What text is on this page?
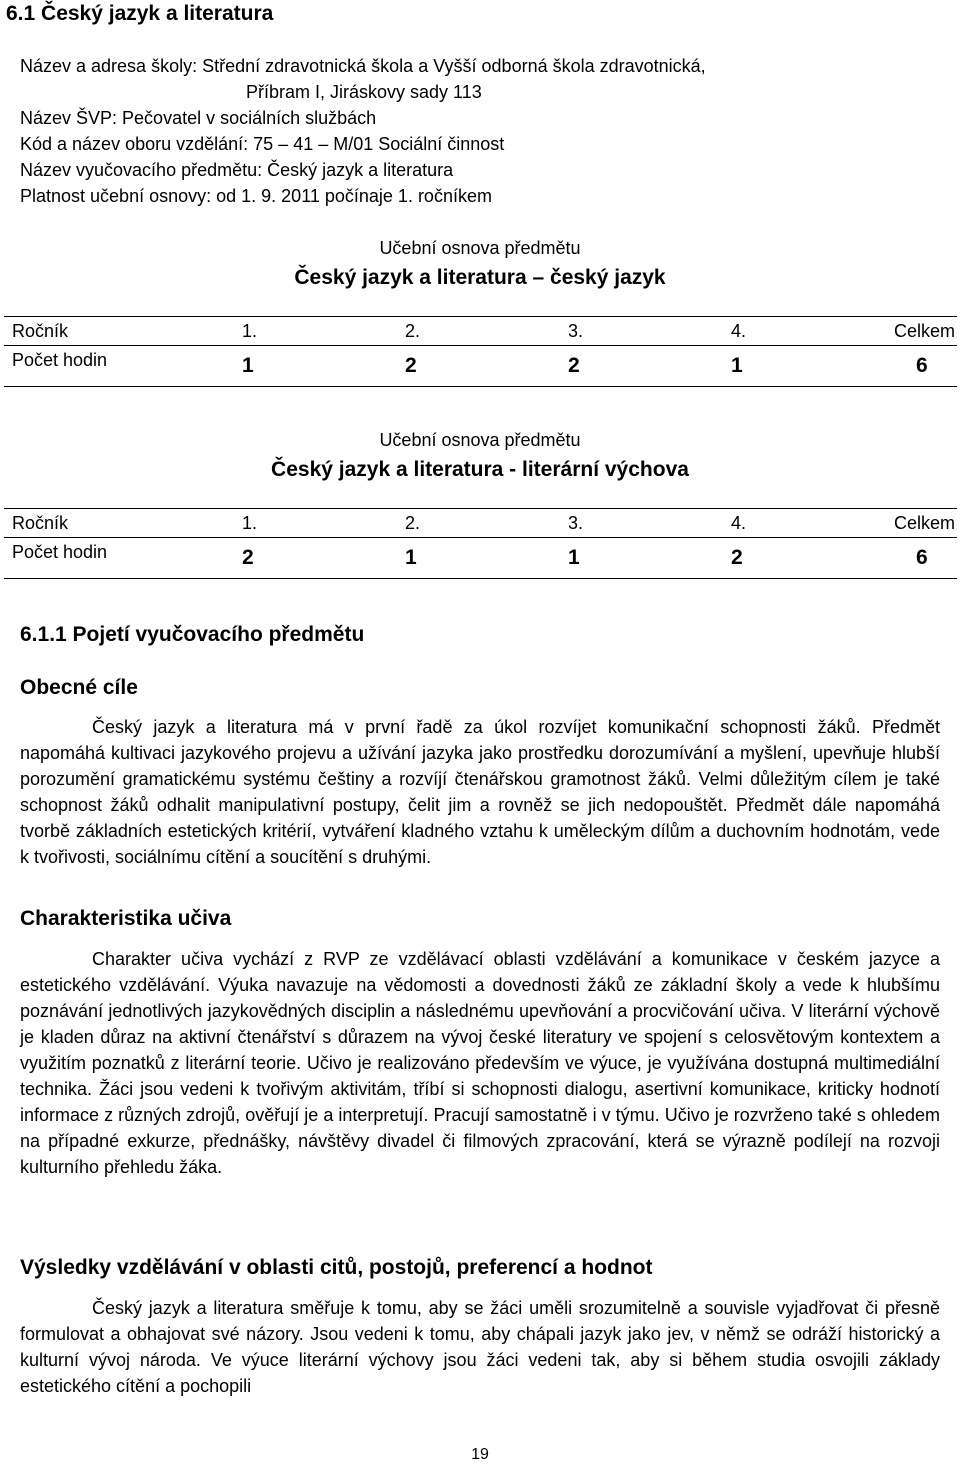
6.1 Český jazyk a literatura
Název a adresa školy: Střední zdravotnická škola a Vyšší odborná škola zdravotnická,
Příbram I, Jiráskovy sady 113
Název ŠVP: Pečovatel v sociálních službách
Kód a název oboru vzdělání: 75 – 41 – M/01 Sociální činnost
Název vyučovacího předmětu: Český jazyk a literatura
Platnost učební osnovy: od 1. 9. 2011 počínaje 1. ročníkem
Učební osnova předmětu
Český jazyk a literatura – český jazyk
Ročník	1.	2.	3.	4.	Celkem
Počet hodin	1	2	2	1	6
Učební osnova předmětu
Český jazyk a literatura - literární výchova
Ročník	1.	2.	3.	4.	Celkem
Počet hodin	2	1	1	2	6
6.1.1 Pojetí vyučovacího předmětu
Obecné cíle

Český jazyk a literatura má v první řadě za úkol rozvíjet komunikační schopnosti žáků. Předmět napomáhá kultivaci jazykového projevu a užívání jazyka jako prostředku dorozumívání a myšlení, upevňuje hlubší porozumění gramatickému systému češtiny a rozvíjí čtenářskou gramotnost žáků. Velmi důležitým cílem je také schopnost žáků odhalit manipulativní postupy, čelit jim a rovněž se jich nedopouštět. Předmět dále napomáhá tvorbě základních estetických kritérií, vytváření kladného vztahu k uměleckým dílům a duchovním hodnotám, vede k tvořivosti, sociálnímu cítění a soucítění s druhými.

Charakteristika učiva

Charakter učiva vychází z RVP ze vzdělávací oblasti vzdělávání a komunikace v českém jazyce a estetického vzdělávání. Výuka navazuje na vědomosti a dovednosti žáků ze základní školy a vede k hlubšímu poznávání jednotlivých jazykovědných disciplin a následnému upevňování a procvičování učiva. V literární výchově je kladen důraz na aktivní čtenářství s důrazem na vývoj české literatury ve spojení s celosvětovým kontextem a využitím poznatků z literární teorie. Učivo je realizováno především ve výuce, je využívána dostupná multimediální technika. Žáci jsou vedeni k tvořivým aktivitám, tříbí si schopnosti dialogu, asertivní komunikace, kriticky hodnotí informace z různých zdrojů, ověřují je a interpretují. Pracují samostatně i v týmu. Učivo je rozvrženo také s ohledem na případné exkurze, přednášky, návštěvy divadel či filmových zpracování, která se výrazně podílejí na rozvoji kulturního přehledu žáka.

Výsledky vzdělávání v oblasti citů, postojů, preferencí a hodnot

Český jazyk a literatura směřuje k tomu, aby se žáci uměli srozumitelně a souvisle vyjadřovat či přesně formulovat a obhajovat své názory. Jsou vedeni k tomu, aby chápali jazyk jako jev, v němž se odráží historický a kulturní vývoj národa. Ve výuce literární výchovy jsou žáci vedeni tak, aby si během studia osvojili základy estetického cítění a pochopili

19
